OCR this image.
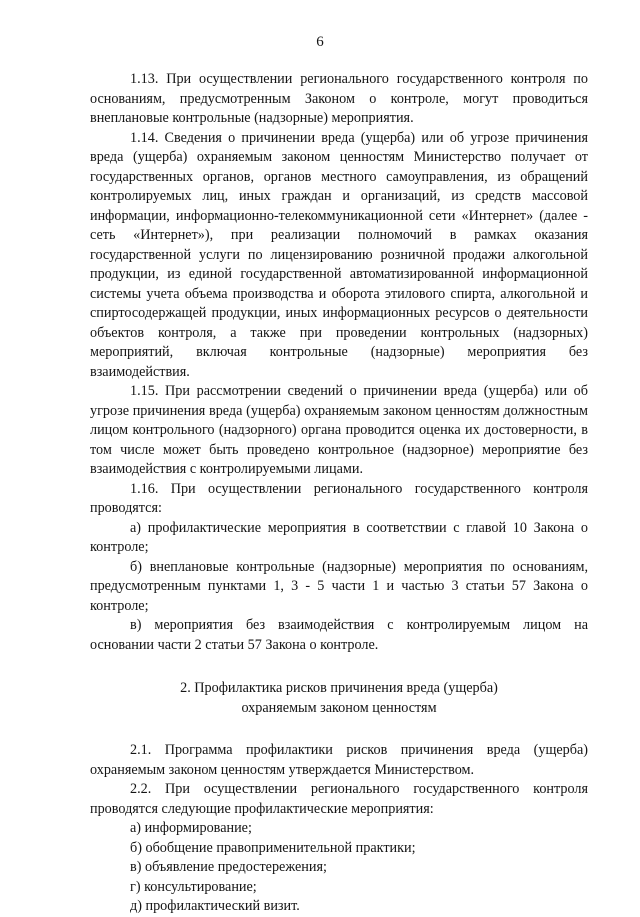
6

1.13. При осуществлении регионального государственного контроля по основаниям, предусмотренным Законом о контроле, могут проводиться внеплановые контрольные (надзорные) мероприятия.

1.14. Сведения о причинении вреда (ущерба) или об угрозе причинения вреда (ущерба) охраняемым законом ценностям Министерство получает от государственных органов, органов местного самоуправления, из обращений контролируемых лиц, иных граждан и организаций, из средств массовой информации, информационно-телекоммуникационной сети «Интернет» (далее - сеть «Интернет»), при реализации полномочий в рамках оказания государственной услуги по лицензированию розничной продажи алкогольной продукции, из единой государственной автоматизированной информационной системы учета объема производства и оборота этилового спирта, алкогольной и спиртосодержащей продукции, иных информационных ресурсов о деятельности объектов контроля, а также при проведении контрольных (надзорных) мероприятий, включая контрольные (надзорные) мероприятия без взаимодействия.

1.15. При рассмотрении сведений о причинении вреда (ущерба) или об угрозе причинения вреда (ущерба) охраняемым законом ценностям должностным лицом контрольного (надзорного) органа проводится оценка их достоверности, в том числе может быть проведено контрольное (надзорное) мероприятие без взаимодействия с контролируемыми лицами.

1.16. При осуществлении регионального государственного контроля проводятся:

а) профилактические мероприятия в соответствии с главой 10 Закона о контроле;

б) внеплановые контрольные (надзорные) мероприятия по основаниям, предусмотренным пунктами 1, 3 - 5 части 1 и частью 3 статьи 57 Закона о контроле;

в) мероприятия без взаимодействия с контролируемым лицом на основании части 2 статьи 57 Закона о контроле.

2. Профилактика рисков причинения вреда (ущерба)
охраняемым законом ценностям

2.1. Программа профилактики рисков причинения вреда (ущерба) охраняемым законом ценностям утверждается Министерством.

2.2. При осуществлении регионального государственного контроля проводятся следующие профилактические мероприятия:

а) информирование;

б) обобщение правоприменительной практики;

в) объявление предостережения;

г) консультирование;

д) профилактический визит.
